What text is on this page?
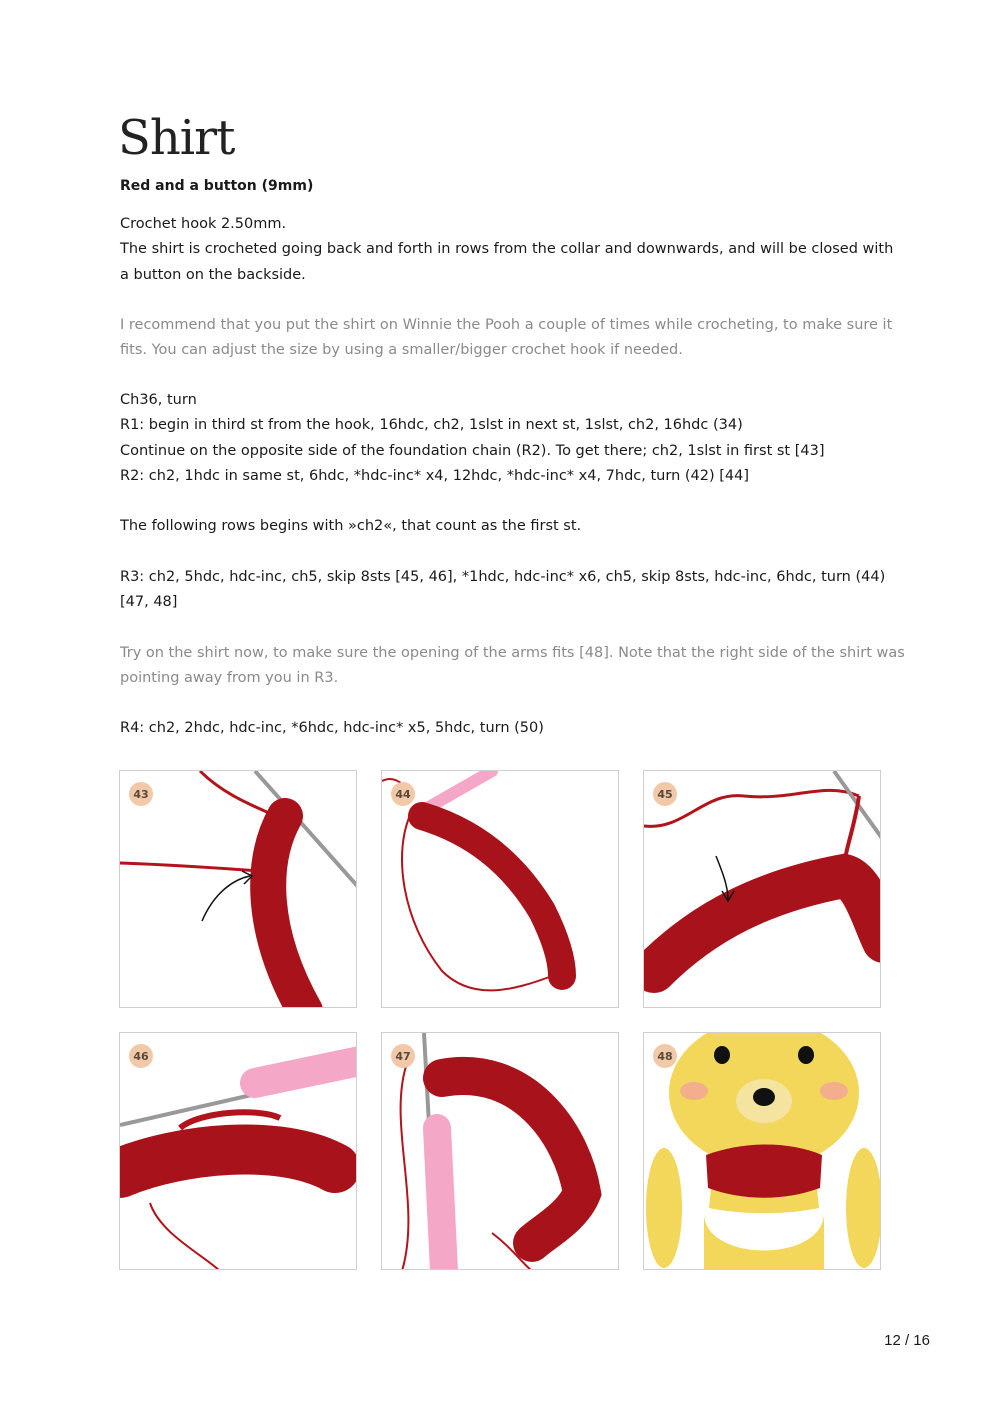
Shirt
Red and a button (9mm)
Crochet hook 2.50mm.
The shirt is crocheted going back and forth in rows from the collar and downwards, and will be closed with
a button on the backside.
I recommend that you put the shirt on Winnie the Pooh a couple of times while crocheting, to make sure it
fits. You can adjust the size by using a smaller/bigger crochet hook if needed.
Ch36, turn
R1: begin in third st from the hook, 16hdc, ch2, 1slst in next st, 1slst, ch2, 16hdc (34)
Continue on the opposite side of the foundation chain (R2). To get there; ch2, 1slst in first st [43]
R2: ch2, 1hdc in same st, 6hdc, *hdc-inc* x4, 12hdc, *hdc-inc* x4, 7hdc, turn (42) [44]
The following rows begins with »ch2«, that count as the first st.
R3: ch2, 5hdc, hdc-inc, ch5, skip 8sts [45, 46], *1hdc, hdc-inc* x6, ch5, skip 8sts, hdc-inc, 6hdc, turn (44)
[47, 48]
Try on the shirt now, to make sure the opening of the arms fits [48]. Note that the right side of the shirt was
pointing away from you in R3.
R4: ch2, 2hdc, hdc-inc, *6hdc, hdc-inc* x5, 5hdc, turn (50)
43	44	45
46	47	48
12 / 16
